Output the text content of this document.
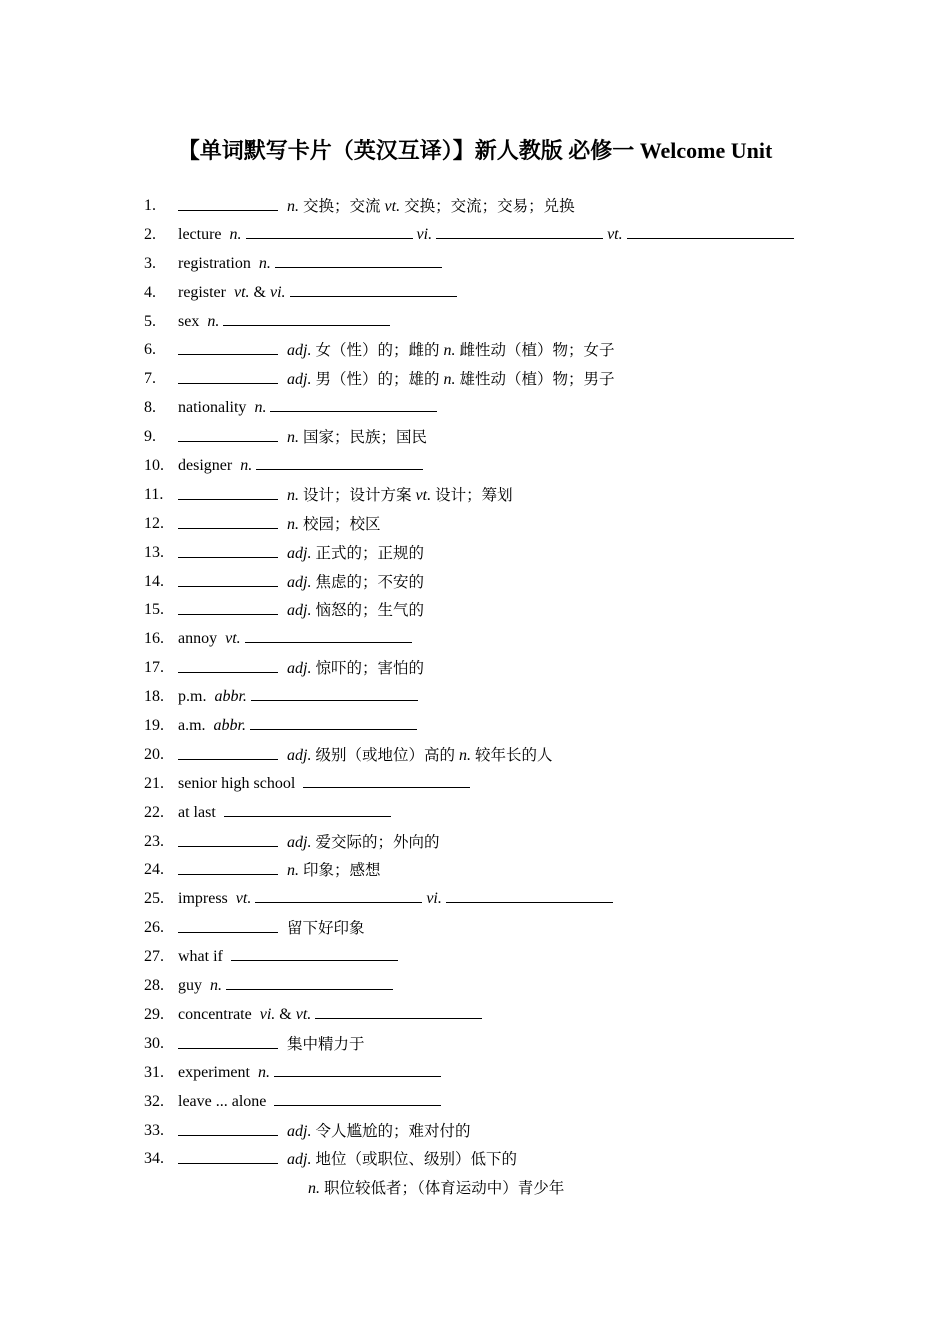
【单词默写卡片（英汉互译）】新人教版 必修一 Welcome Unit
1.	n. 交换；交流 vt. 交换；交流；交易；兑换
2. lecture n.	vi.	vt.
3. registration n.
4. register vt. & vi.
5. sex n.
6.	adj. 女（性）的；雌的 n. 雌性动（植）物；女子
7.	adj. 男（性）的；雄的 n. 雄性动（植）物；男子
8. nationality n.
9.	n. 国家；民族；国民
10. designer n.
11.	n. 设计；设计方案 vt. 设计；筹划
12.	n. 校园；校区
13.	adj. 正式的；正规的
14.	adj. 焦虑的；不安的
15.	adj. 恼怒的；生气的
16. annoy vt.
17.	adj. 惊吓的；害怕的
18. p.m. abbr.
19. a.m. abbr.
20.	adj. 级别（或地位）高的 n. 较年长的人
21. senior high school
22. at last
23.	adj. 爱交际的；外向的
24.	n. 印象；感想
25. impress vt.	vi.
26.	留下好印象
27. what if
28. guy n.
29. concentrate vi. & vt.
30.	集中精力于
31. experiment n.
32. leave ... alone
33.	adj. 令人尴尬的；难对付的
34.	adj. 地位（或职位、级别）低下的
n. 职位较低者；（体育运动中）青少年
